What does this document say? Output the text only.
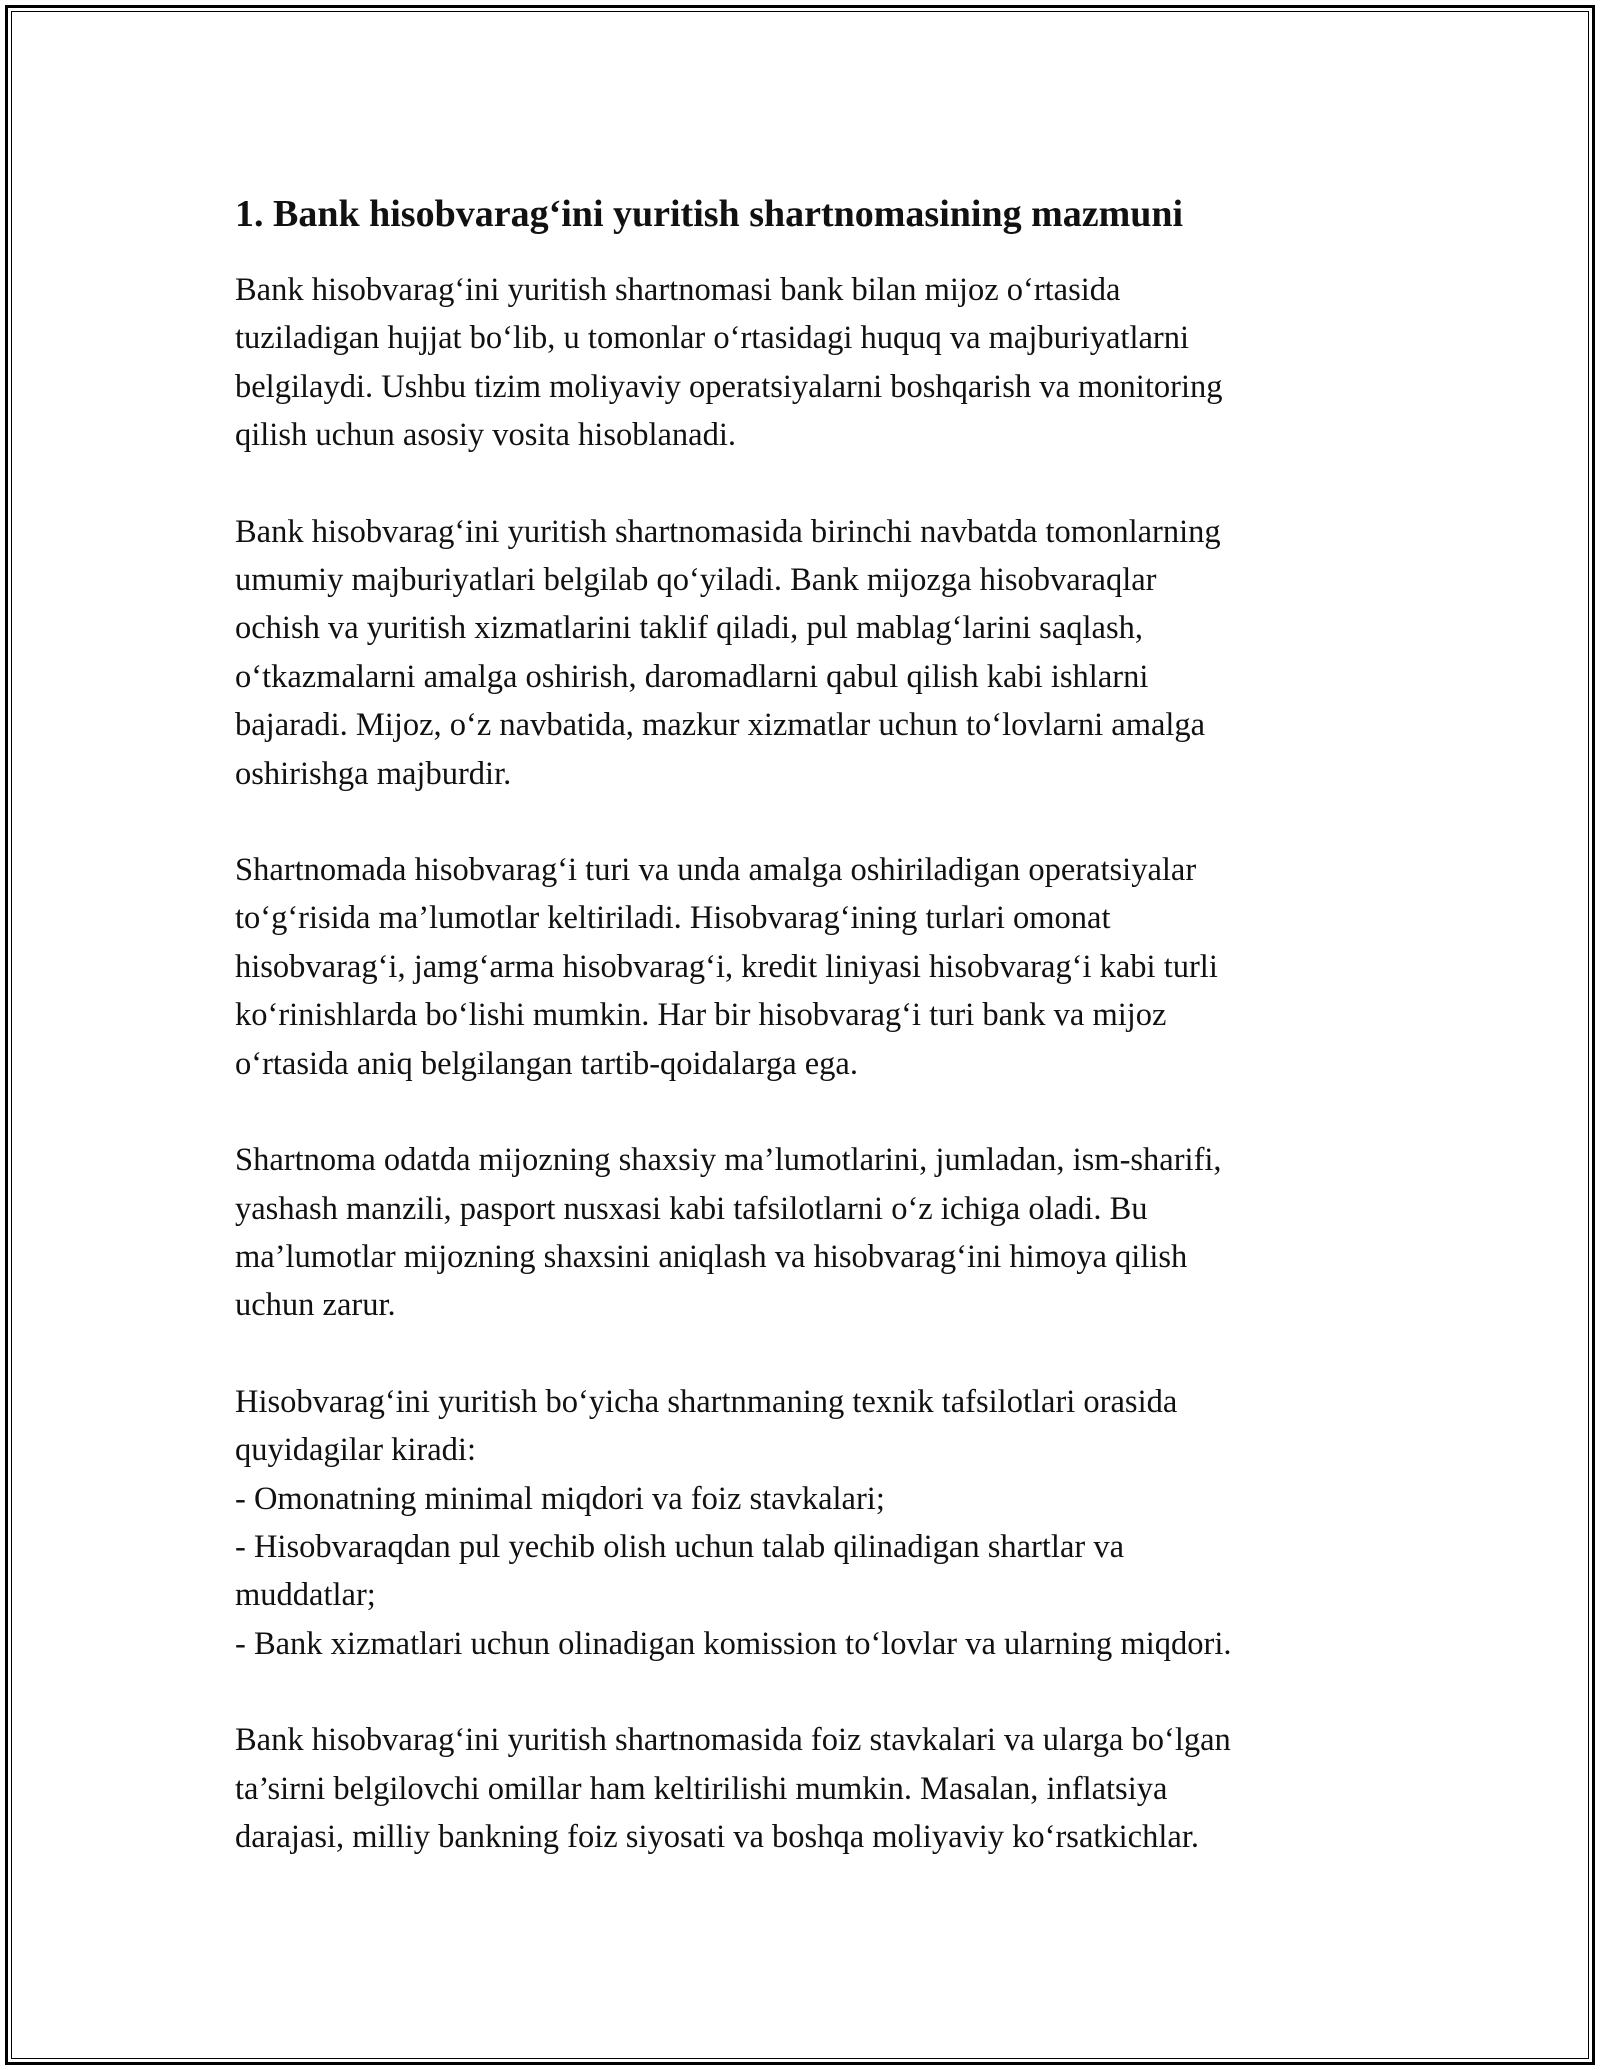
1. Bank hisobvarag‘ini yuritish shartnomasining mazmuni
Bank hisobvarag‘ini yuritish shartnomasi bank bilan mijoz o‘rtasida
tuziladigan hujjat bo‘lib, u tomonlar o‘rtasidagi huquq va majburiyatlarni
belgilaydi. Ushbu tizim moliyaviy operatsiyalarni boshqarish va monitoring
qilish uchun asosiy vosita hisoblanadi.
Bank hisobvarag‘ini yuritish shartnomasida birinchi navbatda tomonlarning
umumiy majburiyatlari belgilab qo‘yiladi. Bank mijozga hisobvaraqlar
ochish va yuritish xizmatlarini taklif qiladi, pul mablag‘larini saqlash,
o‘tkazmalarni amalga oshirish, daromadlarni qabul qilish kabi ishlarni
bajaradi. Mijoz, o‘z navbatida, mazkur xizmatlar uchun to‘lovlarni amalga
oshirishga majburdir.
Shartnomada hisobvarag‘i turi va unda amalga oshiriladigan operatsiyalar
to‘g‘risida ma’lumotlar keltiriladi. Hisobvarag‘ining turlari omonat
hisobvarag‘i, jamg‘arma hisobvarag‘i, kredit liniyasi hisobvarag‘i kabi turli
ko‘rinishlarda bo‘lishi mumkin. Har bir hisobvarag‘i turi bank va mijoz
o‘rtasida aniq belgilangan tartib-qoidalarga ega.
Shartnoma odatda mijozning shaxsiy ma’lumotlarini, jumladan, ism-sharifi,
yashash manzili, pasport nusxasi kabi tafsilotlarni o‘z ichiga oladi. Bu
ma’lumotlar mijozning shaxsini aniqlash va hisobvarag‘ini himoya qilish
uchun zarur.
Hisobvarag‘ini yuritish bo‘yicha shartnmaning texnik tafsilotlari orasida
quyidagilar kiradi:
- Omonatning minimal miqdori va foiz stavkalari;
- Hisobvaraqdan pul yechib olish uchun talab qilinadigan shartlar va
muddatlar;
- Bank xizmatlari uchun olinadigan komission to‘lovlar va ularning miqdori.
Bank hisobvarag‘ini yuritish shartnomasida foiz stavkalari va ularga bo‘lgan
ta’sirni belgilovchi omillar ham keltirilishi mumkin. Masalan, inflatsiya
darajasi, milliy bankning foiz siyosati va boshqa moliyaviy ko‘rsatkichlar.
